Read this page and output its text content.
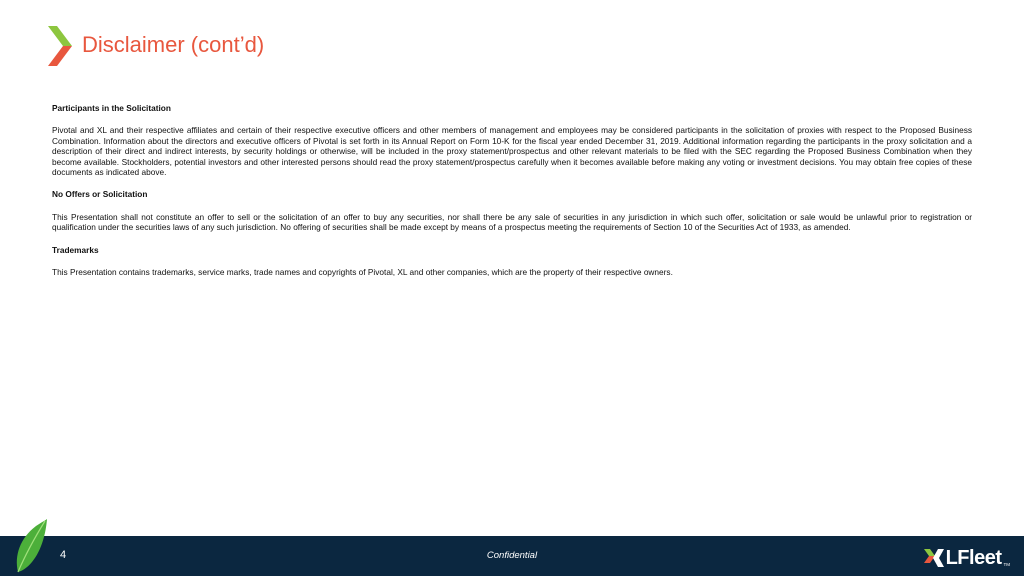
Disclaimer (cont’d)

Participants in the Solicitation

Pivotal and XL and their respective affiliates and certain of their respective executive officers and other members of management and employees may be considered participants in the solicitation of proxies with respect to the Proposed Business Combination. Information about the directors and executive officers of Pivotal is set forth in its Annual Report on Form 10-K for the fiscal year ended December 31, 2019. Additional information regarding the participants in the proxy solicitation and a description of their direct and indirect interests, by security holdings or otherwise, will be included in the proxy statement/prospectus and other relevant materials to be filed with the SEC regarding the Proposed Business Combination when they become available. Stockholders, potential investors and other interested persons should read the proxy statement/prospectus carefully when it becomes available before making any voting or investment decisions. You may obtain free copies of these documents as indicated above.

No Offers or Solicitation

This Presentation shall not constitute an offer to sell or the solicitation of an offer to buy any securities, nor shall there be any sale of securities in any jurisdiction in which such offer, solicitation or sale would be unlawful prior to registration or qualification under the securities laws of any such jurisdiction. No offering of securities shall be made except by means of a prospectus meeting the requirements of Section 10 of the Securities Act of 1933, as amended.

Trademarks

This Presentation contains trademarks, service marks, trade names and copyrights of Pivotal, XL and other companies, which are the property of their respective owners.

4	Confidential	LFleet TM
